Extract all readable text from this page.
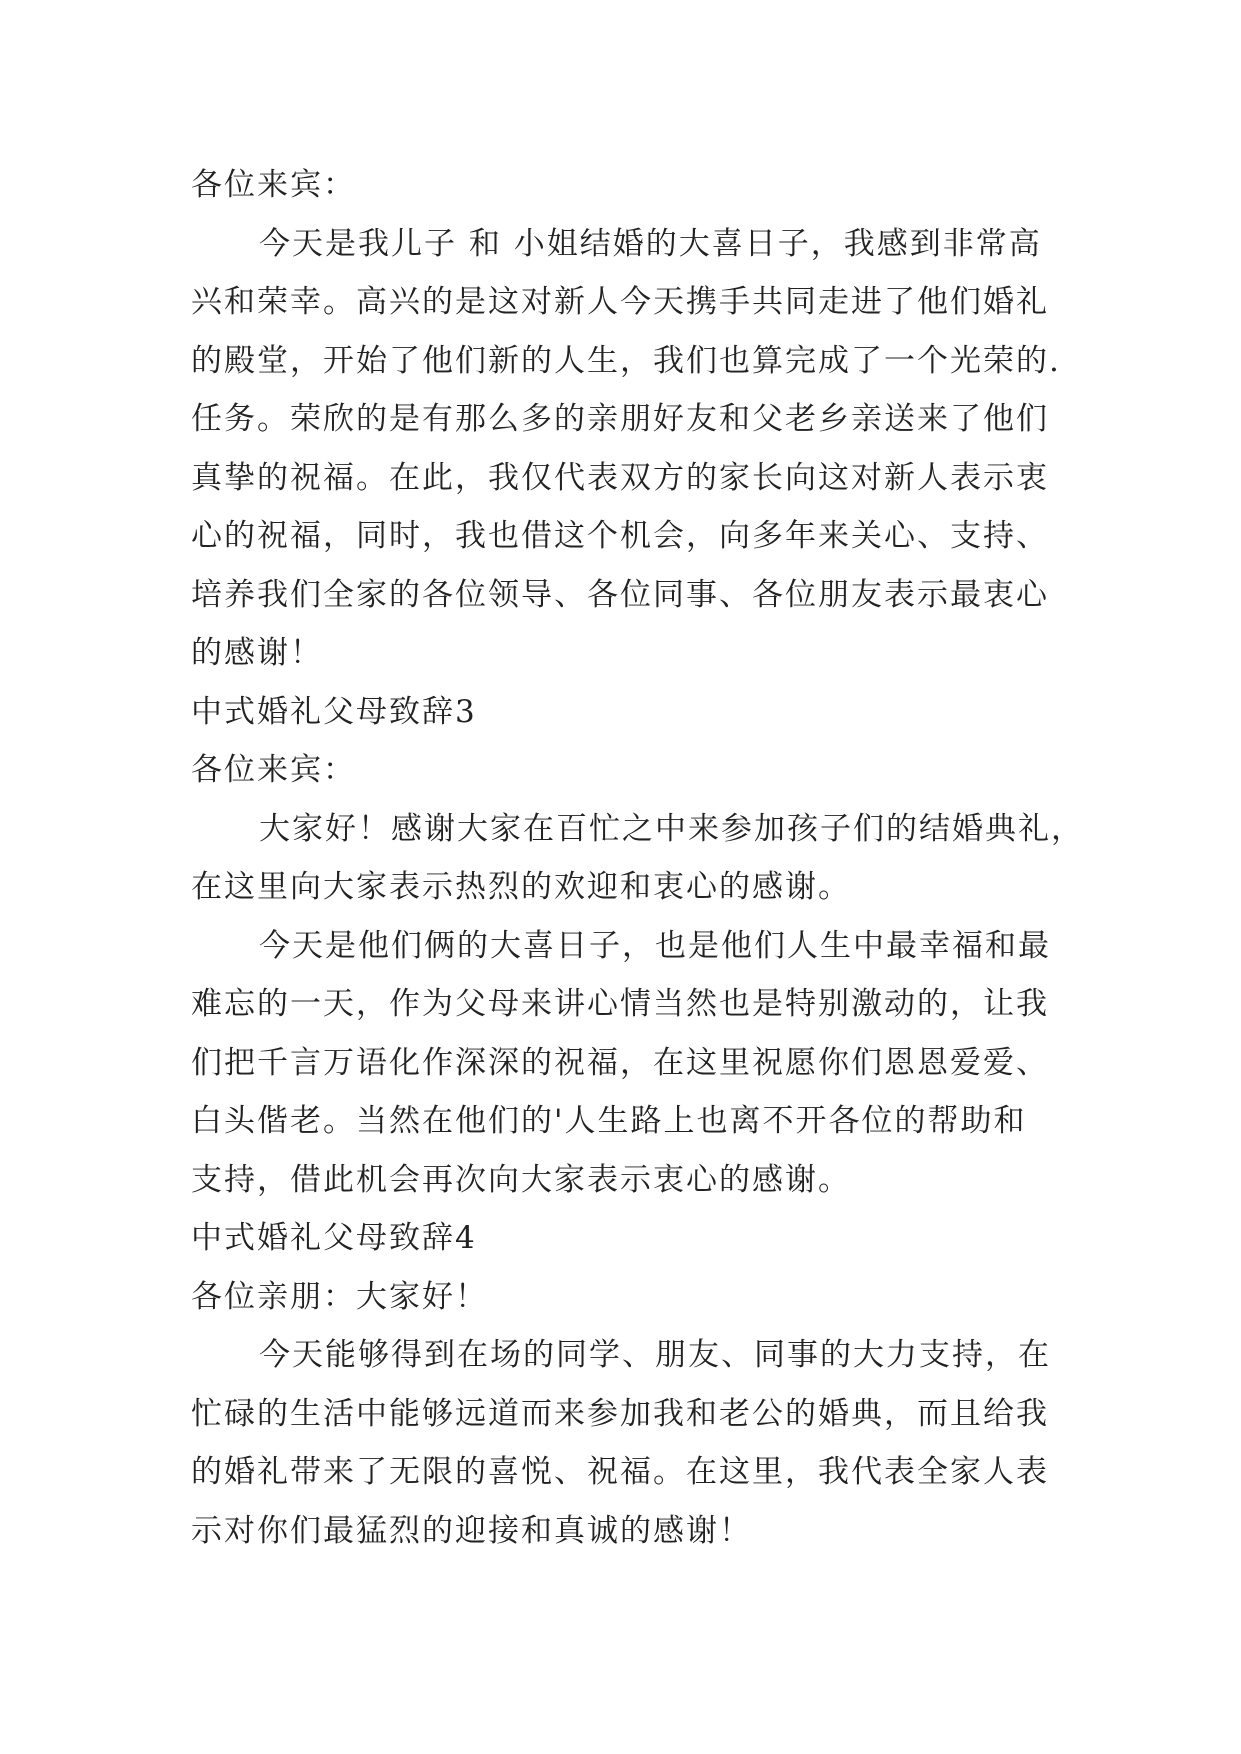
各位来宾：

今天是我儿子 和 小姐结婚的大喜日子，我感到非常高

兴和荣幸。高兴的是这对新人今天携手共同走进了他们婚礼

的殿堂，开始了他们新的人生，我们也算完成了一个光荣的.

任务。荣欣的是有那么多的亲朋好友和父老乡亲送来了他们

真挚的祝福。在此，我仅代表双方的家长向这对新人表示衷

心的祝福，同时，我也借这个机会，向多年来关心、支持、

培养我们全家的各位领导、各位同事、各位朋友表示最衷心

的感谢！

中式婚礼父母致辞3

各位来宾：

大家好！感谢大家在百忙之中来参加孩子们的结婚典礼，

在这里向大家表示热烈的欢迎和衷心的感谢。

今天是他们俩的大喜日子，也是他们人生中最幸福和最

难忘的一天，作为父母来讲心情当然也是特别激动的，让我

们把千言万语化作深深的祝福，在这里祝愿你们恩恩爱爱、

白头偕老。当然在他们的'人生路上也离不开各位的帮助和

支持，借此机会再次向大家表示衷心的感谢。

中式婚礼父母致辞4

各位亲朋：大家好！

今天能够得到在场的同学、朋友、同事的大力支持，在

忙碌的生活中能够远道而来参加我和老公的婚典，而且给我

的婚礼带来了无限的喜悦、祝福。在这里，我代表全家人表

示对你们最猛烈的迎接和真诚的感谢！
